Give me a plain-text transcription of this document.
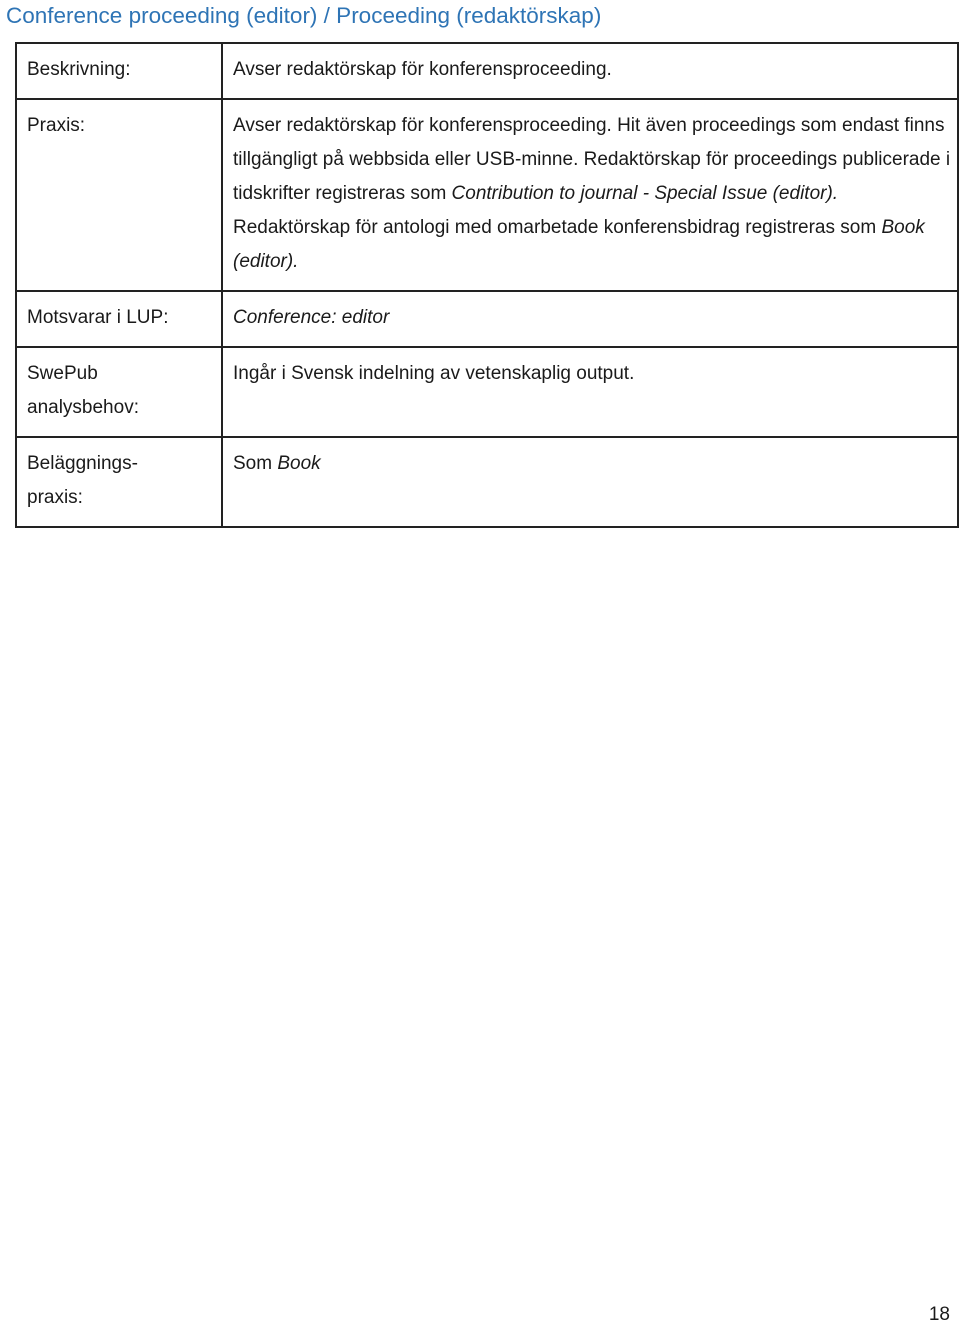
Conference proceeding (editor) / Proceeding (redaktörskap)
Beskrivning:	Avser redaktörskap för konferensproceeding.
Praxis:	Avser redaktörskap för konferensproceeding. Hit även proceedings som endast finns tillgängligt på webbsida eller USB-minne. Redaktörskap för proceedings publicerade i tidskrifter registreras som Contribution to journal - Special Issue (editor). Redaktörskap för antologi med omarbetade konferensbidrag registreras som Book (editor).
Motsvarar i LUP:	Conference: editor
SwePub
analysbehov:	Ingår i Svensk indelning av vetenskaplig output.
Beläggnings-
praxis:	Som Book
18
